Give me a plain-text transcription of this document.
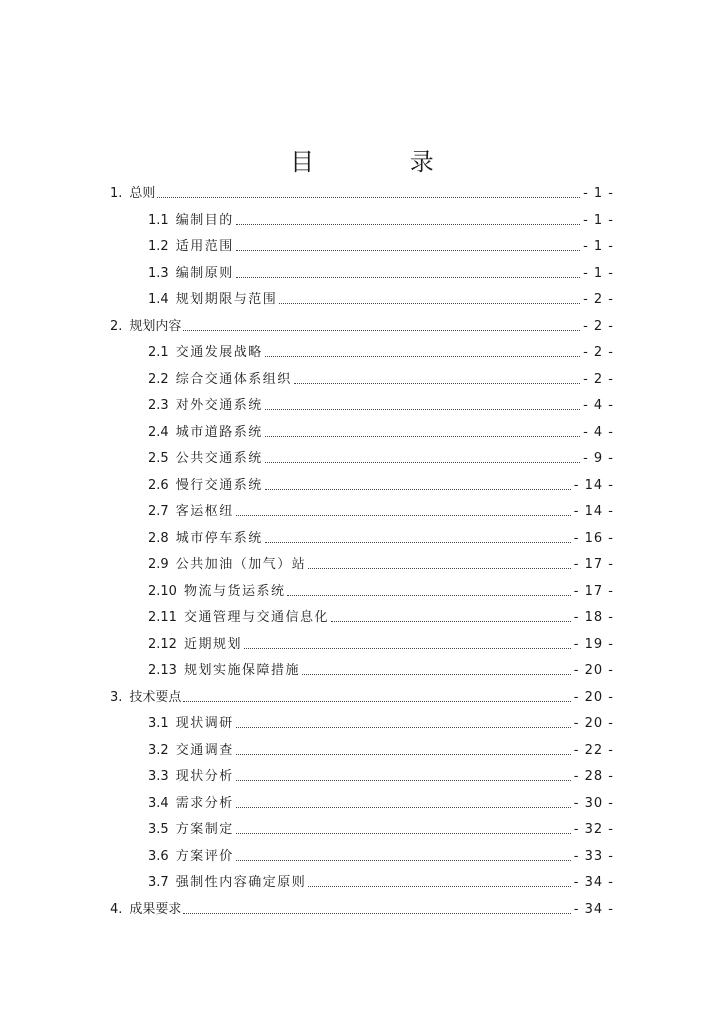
目 录
1. 总则	- 1 -
1.1 编制目的	- 1 -
1.2 适用范围	- 1 -
1.3 编制原则	- 1 -
1.4 规划期限与范围	- 2 -
2. 规划内容	- 2 -
2.1 交通发展战略	- 2 -
2.2 综合交通体系组织	- 2 -
2.3 对外交通系统	- 4 -
2.4 城市道路系统	- 4 -
2.5 公共交通系统	- 9 -
2.6 慢行交通系统	- 14 -
2.7 客运枢纽	- 14 -
2.8 城市停车系统	- 16 -
2.9 公共加油（加气）站	- 17 -
2.10 物流与货运系统	- 17 -
2.11 交通管理与交通信息化	- 18 -
2.12 近期规划	- 19 -
2.13 规划实施保障措施	- 20 -
3. 技术要点	- 20 -
3.1 现状调研	- 20 -
3.2 交通调查	- 22 -
3.3 现状分析	- 28 -
3.4 需求分析	- 30 -
3.5 方案制定	- 32 -
3.6 方案评价	- 33 -
3.7 强制性内容确定原则	- 34 -
4. 成果要求	- 34 -
